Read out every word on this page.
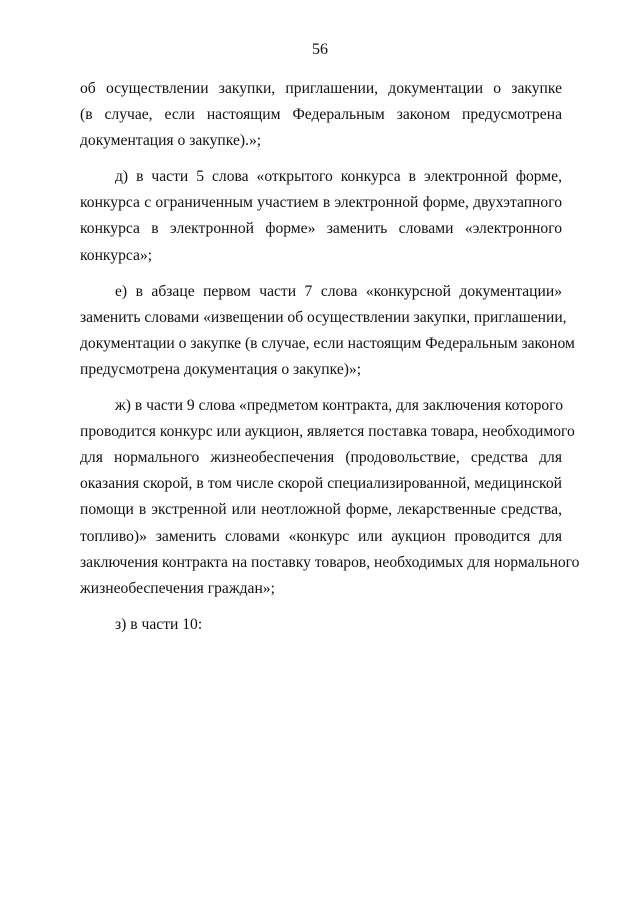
56

об осуществлении закупки, приглашении, документации о закупке
(в случае, если настоящим Федеральным законом предусмотрена
документация о закупке).»;

д) в части 5 слова «открытого конкурса в электронной форме,
конкурса с ограниченным участием в электронной форме, двухэтапного
конкурса в электронной форме» заменить словами «электронного
конкурса»;

е) в абзаце первом части 7 слова «конкурсной документации»
заменить словами «извещении об осуществлении закупки, приглашении,
документации о закупке (в случае, если настоящим Федеральным законом
предусмотрена документация о закупке)»;

ж) в части 9 слова «предметом контракта, для заключения которого
проводится конкурс или аукцион, является поставка товара, необходимого
для нормального жизнеобеспечения (продовольствие, средства для
оказания скорой, в том числе скорой специализированной, медицинской
помощи в экстренной или неотложной форме, лекарственные средства,
топливо)» заменить словами «конкурс или аукцион проводится для
заключения контракта на поставку товаров, необходимых для нормального
жизнеобеспечения граждан»;

з) в части 10:
